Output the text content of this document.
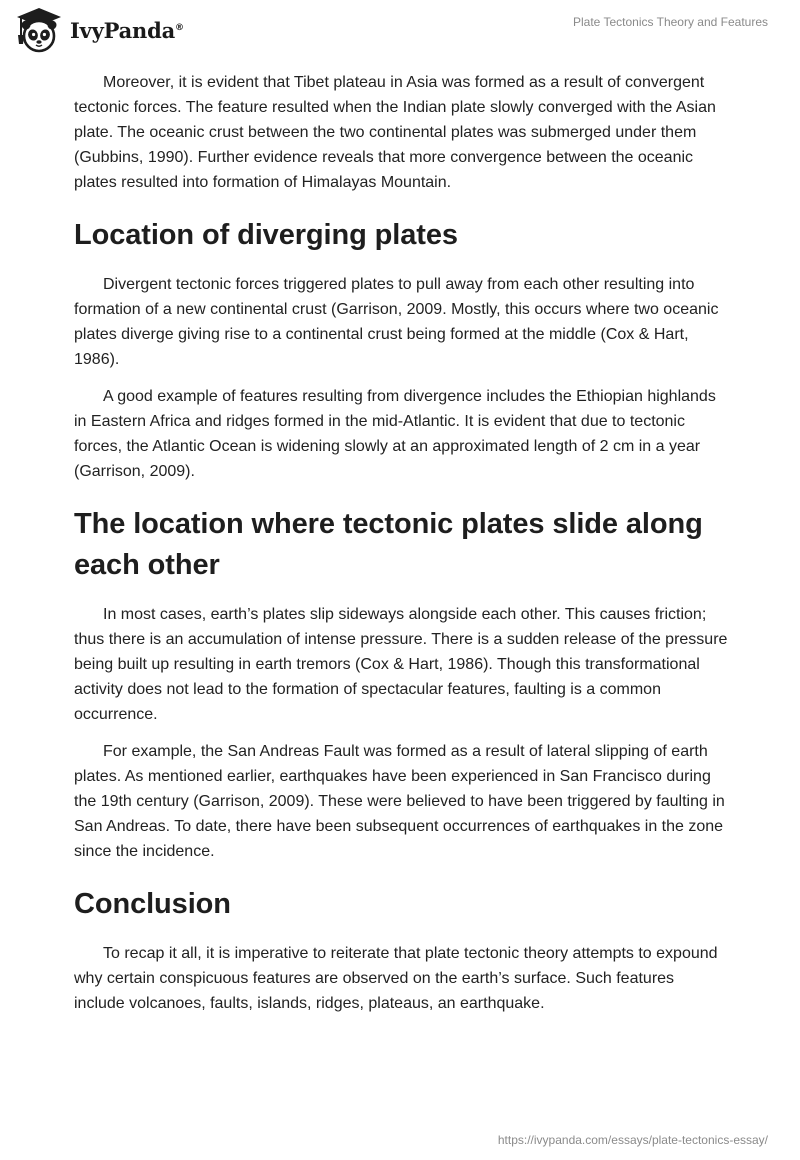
IvyPanda®	Plate Tectonics Theory and Features

Moreover, it is evident that Tibet plateau in Asia was formed as a result of convergent tectonic forces. The feature resulted when the Indian plate slowly converged with the Asian plate. The oceanic crust between the two continental plates was submerged under them (Gubbins, 1990). Further evidence reveals that more convergence between the oceanic plates resulted into formation of Himalayas Mountain.

Location of diverging plates

Divergent tectonic forces triggered plates to pull away from each other resulting into formation of a new continental crust (Garrison, 2009. Mostly, this occurs where two oceanic plates diverge giving rise to a continental crust being formed at the middle (Cox & Hart, 1986).

A good example of features resulting from divergence includes the Ethiopian highlands in Eastern Africa and ridges formed in the mid-Atlantic. It is evident that due to tectonic forces, the Atlantic Ocean is widening slowly at an approximated length of 2 cm in a year (Garrison, 2009).

The location where tectonic plates slide along each other

In most cases, earth’s plates slip sideways alongside each other. This causes friction; thus there is an accumulation of intense pressure. There is a sudden release of the pressure being built up resulting in earth tremors (Cox & Hart, 1986). Though this transformational activity does not lead to the formation of spectacular features, faulting is a common occurrence.

For example, the San Andreas Fault was formed as a result of lateral slipping of earth plates. As mentioned earlier, earthquakes have been experienced in San Francisco during the 19th century (Garrison, 2009). These were believed to have been triggered by faulting in San Andreas. To date, there have been subsequent occurrences of earthquakes in the zone since the incidence.

Conclusion

To recap it all, it is imperative to reiterate that plate tectonic theory attempts to expound why certain conspicuous features are observed on the earth’s surface. Such features include volcanoes, faults, islands, ridges, plateaus, an earthquake.

https://ivypanda.com/essays/plate-tectonics-essay/
